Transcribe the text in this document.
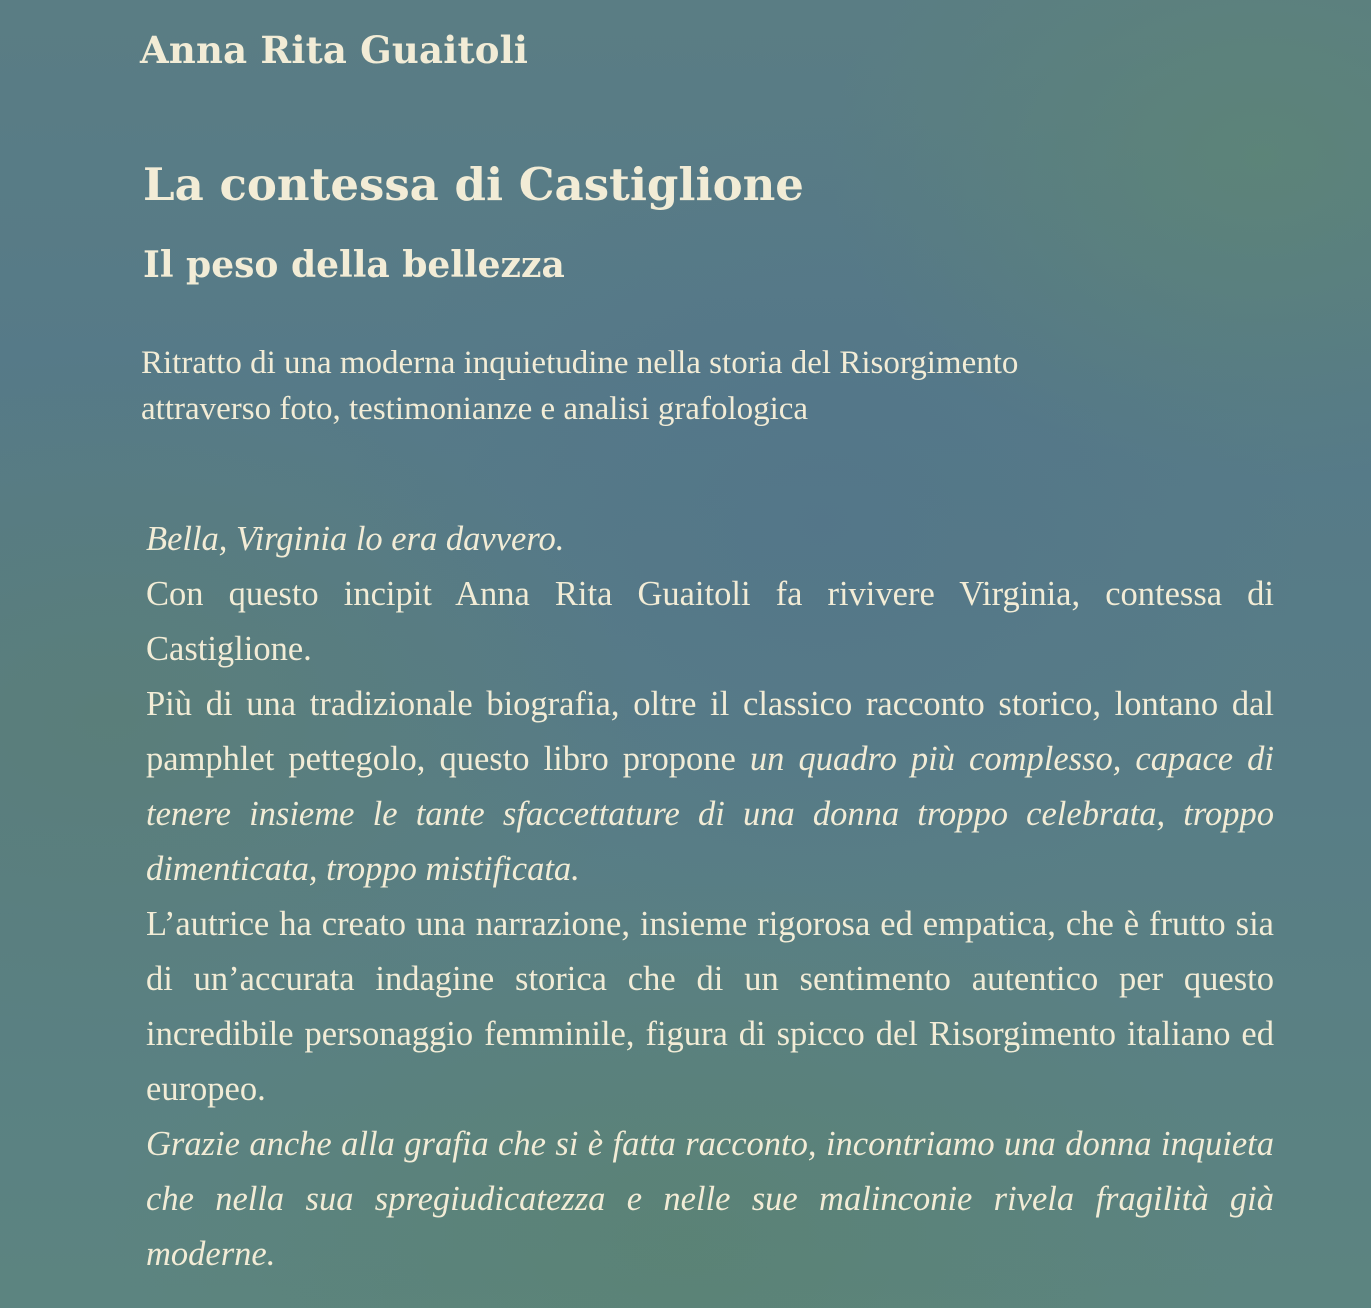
Anna Rita Guaitoli
La contessa di Castiglione
Il peso della bellezza
Ritratto di una moderna inquietudine nella storia del Risorgimento
attraverso foto, testimonianze e analisi grafologica

Bella, Virginia lo era davvero.

Con questo incipit Anna Rita Guaitoli fa rivivere Virginia, contessa di Castiglione.

Più di una tradizionale biografia, oltre il classico racconto storico, lontano dal pamphlet pettegolo, questo libro propone un quadro più complesso, capace di tenere insieme le tante sfaccettature di una donna troppo celebrata, troppo dimenticata, troppo mistificata.

L’autrice ha creato una narrazione, insieme rigorosa ed empatica, che è frutto sia di un’accurata indagine storica che di un sentimento autentico per questo incredibile personaggio femminile, figura di spicco del Risorgimento italiano ed europeo.

Grazie anche alla grafia che si è fatta racconto, incontriamo una donna inquieta che nella sua spregiudicatezza e nelle sue malinconie rivela fragilità già moderne.
